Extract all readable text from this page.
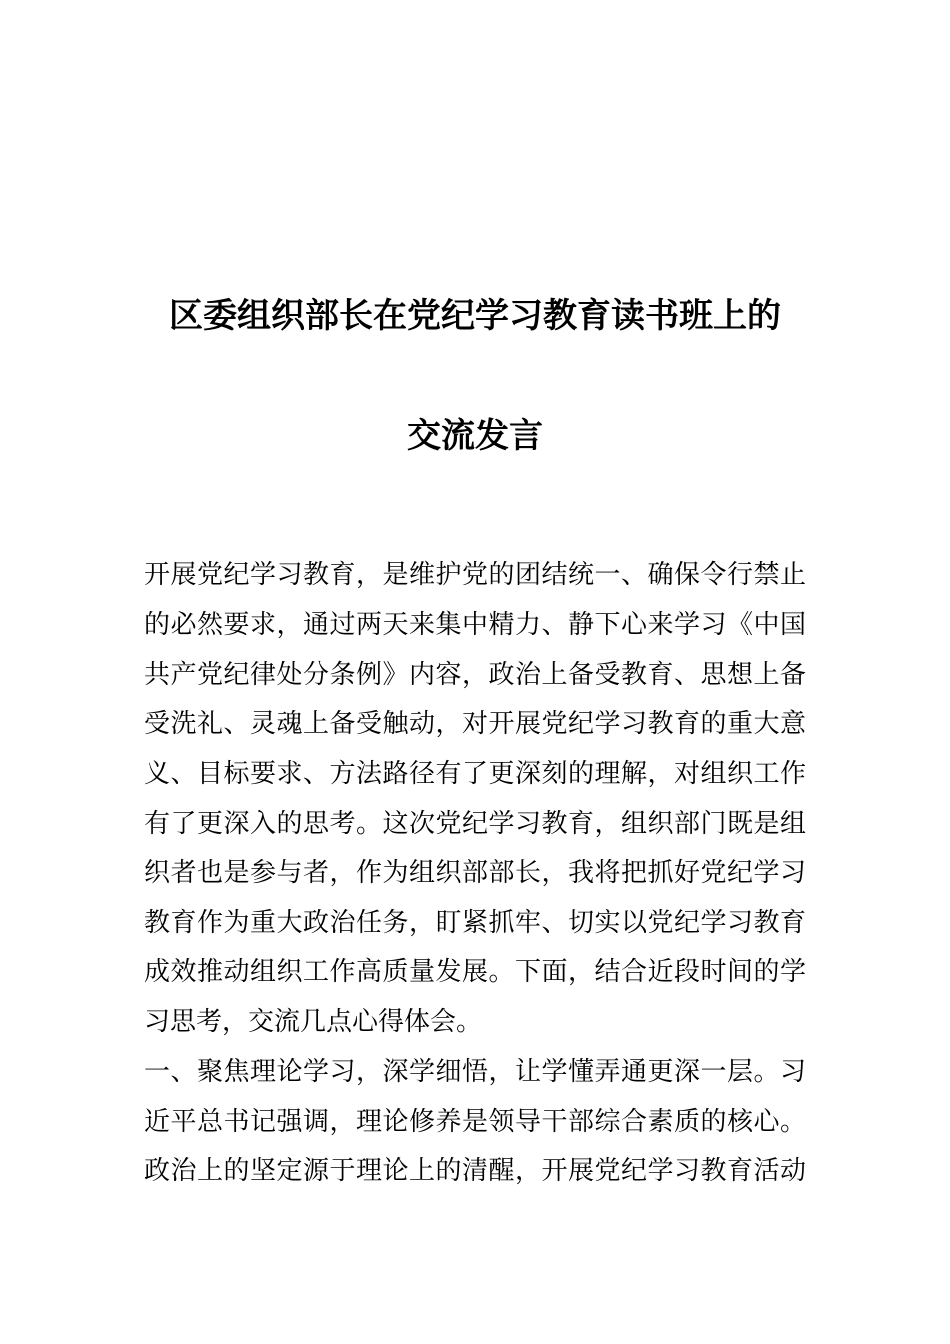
区委组织部长在党纪学习教育读书班上的
交流发言
开展党纪学习教育，是维护党的团结统一、确保令行禁止
的必然要求，通过两天来集中精力、静下心来学习《中国
共产党纪律处分条例》内容，政治上备受教育、思想上备
受洗礼、灵魂上备受触动，对开展党纪学习教育的重大意
义、目标要求、方法路径有了更深刻的理解，对组织工作
有了更深入的思考。这次党纪学习教育，组织部门既是组
织者也是参与者，作为组织部部长，我将把抓好党纪学习
教育作为重大政治任务，盯紧抓牢、切实以党纪学习教育
成效推动组织工作高质量发展。下面，结合近段时间的学
习思考，交流几点心得体会。
一、聚焦理论学习，深学细悟，让学懂弄通更深一层。习
近平总书记强调，理论修养是领导干部综合素质的核心。
政治上的坚定源于理论上的清醒，开展党纪学习教育活动
